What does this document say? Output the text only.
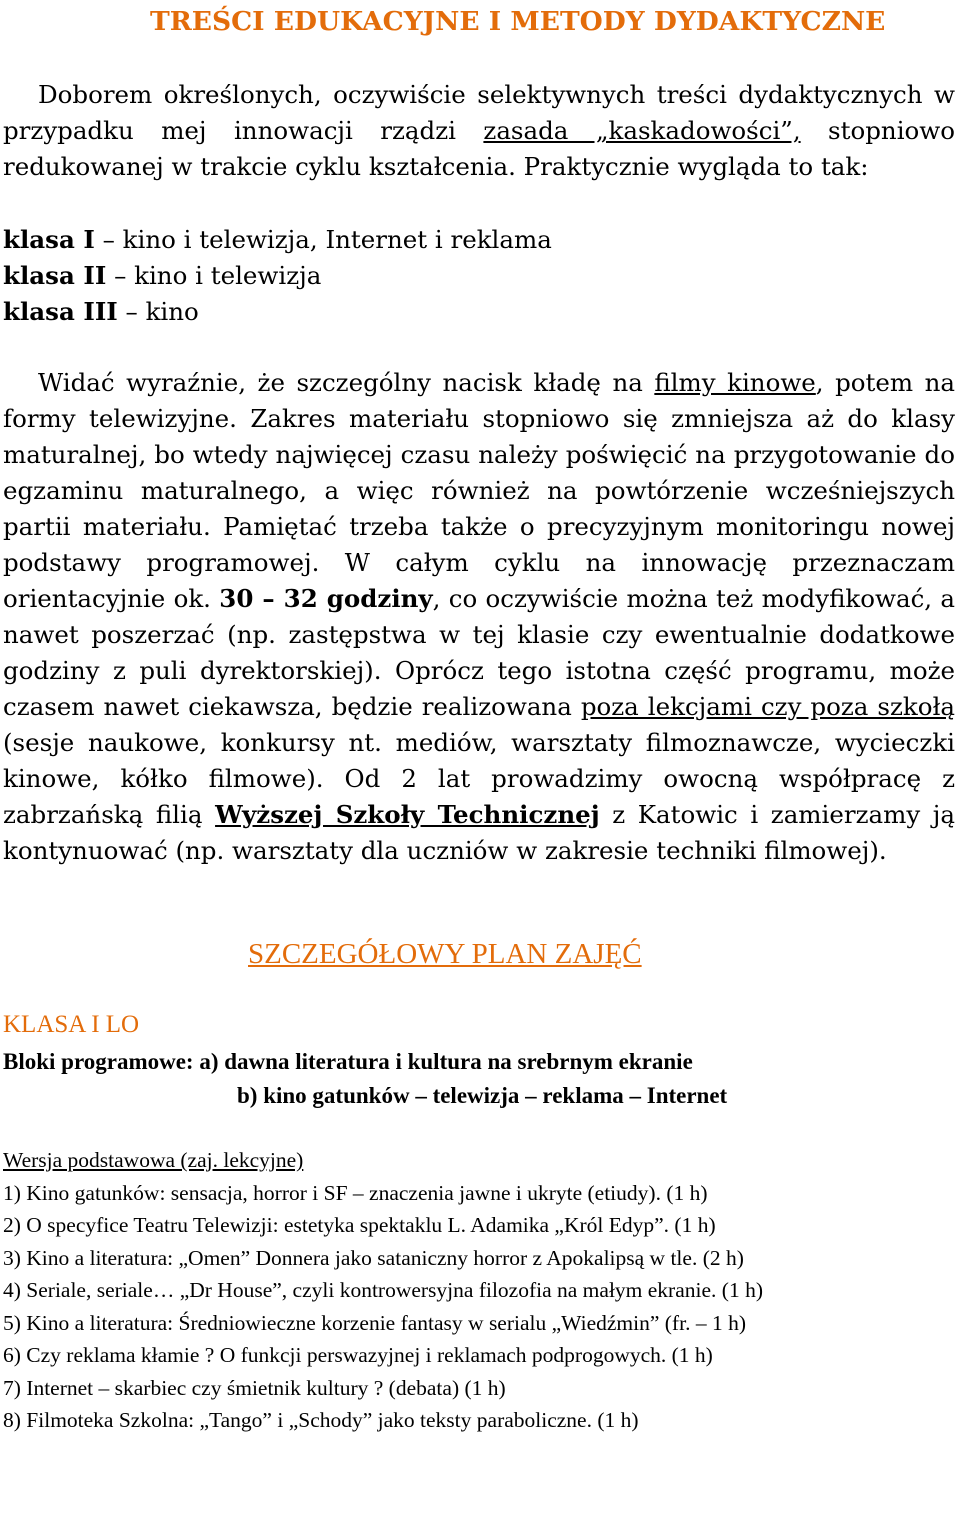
TREŚCI EDUKACYJNE I METODY DYDAKTYCZNE
Doborem określonych, oczywiście selektywnych treści dydaktycznych w przypadku mej innowacji rządzi zasada „kaskadowości”, stopniowo redukowanej w trakcie cyklu kształcenia. Praktycznie wygląda to tak:
klasa I – kino i telewizja, Internet i reklama
klasa II – kino i telewizja
klasa III – kino
Widać wyraźnie, że szczególny nacisk kładę na filmy kinowe, potem na formy telewizyjne. Zakres materiału stopniowo się zmniejsza aż do klasy maturalnej, bo wtedy najwięcej czasu należy poświęcić na przygotowanie do egzaminu maturalnego, a więc również na powtórzenie wcześniejszych partii materiału. Pamiętać trzeba także o precyzyjnym monitoringu nowej podstawy programowej. W całym cyklu na innowację przeznaczam orientacyjnie ok. 30 – 32 godziny, co oczywiście można też modyfikować, a nawet poszerzać (np. zastępstwa w tej klasie czy ewentualnie dodatkowe godziny z puli dyrektorskiej). Oprócz tego istotna część programu, może czasem nawet ciekawsza, będzie realizowana poza lekcjami czy poza szkołą (sesje naukowe, konkursy nt. mediów, warsztaty filmoznawcze, wycieczki kinowe, kółko filmowe). Od 2 lat prowadzimy owocną współpracę z zabrzańską filią Wyższej Szkoły Technicznej z Katowic i zamierzamy ją kontynuować (np. warsztaty dla uczniów w zakresie techniki filmowej).
SZCZEGÓŁOWY PLAN ZAJĘĆ
KLASA I LO
Bloki programowe: a) dawna literatura i kultura na srebrnym ekranie
b) kino gatunków – telewizja – reklama – Internet
Wersja podstawowa (zaj. lekcyjne)
1) Kino gatunków: sensacja, horror i SF – znaczenia jawne i ukryte (etiudy). (1 h)
2) O specyfice Teatru Telewizji: estetyka spektaklu L. Adamika „Król Edyp”. (1 h)
3) Kino a literatura: „Omen” Donnera jako sataniczny horror z Apokalipsą w tle. (2 h)
4) Seriale, seriale… „Dr House”, czyli kontrowersyjna filozofia na małym ekranie. (1 h)
5) Kino a literatura: Średniowieczne korzenie fantasy w serialu „Wiedźmin” (fr. – 1 h)
6) Czy reklama kłamie ? O funkcji perswazyjnej i reklamach podprogowych. (1 h)
7) Internet – skarbiec czy śmietnik kultury ? (debata) (1 h)
8) Filmoteka Szkolna: „Tango” i „Schody” jako teksty paraboliczne. (1 h)
